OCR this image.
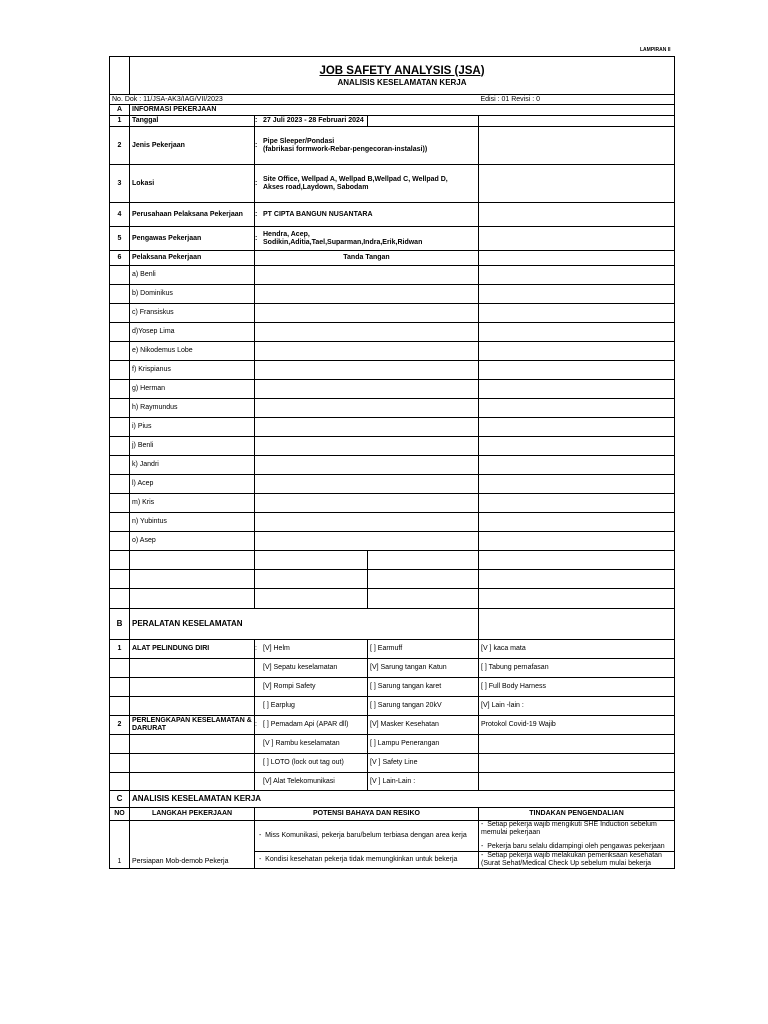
LAMPIRAN II

	JOB SAFETY ANALYSIS (JSA)
ANALISIS KESELAMATAN KERJA			

No. Dok : 11/JSA-AK3/IAG/VII/2023				Edisi : 01 Revisi : 0
A	INFORMASI PEKERJAAN			
1	Tanggal	: 27 Juli 2023 - 28 Februari 2024		
2	Jenis Pekerjaan	:
Pipe Sleeper/Pondasi
(fabrikasi formwork-Rebar-pengecoran-instalasi))		

3	Lokasi	:
Site Office, Wellpad A, Wellpad B,Wellpad C, Wellpad D,
Akses road,Laydown, Sabodam		

4	Perusahaan Pelaksana Pekerjaan	: PT CIPTA BANGUN NUSANTARA		
5	Pengawas Pekerjaan	:
Hendra, Acep,
Sodikin,Aditia,Tael,Suparman,Indra,Erik,Ridwan		

6	Pelaksana Pekerjaan	Tanda Tangan		
	a) Benli			
	b) Dominikus			
	c) Fransiskus			
	d)Yosep Lima			
	e) Nikodemus Lobe			
	f) Krispianus			
	g) Herman			
	h) Raymundus			
	i) Pius			
	j) Benli			
	k) Jandri			
	l) Acep			
	m) Kris			
	n) Yubintus			
	o) Asep			

B	PERALATAN KESELAMATAN			
1	ALAT PELINDUNG DIRI	: [V] Helm	[ ] Earmuff	[V ] kaca mata
		[V] Sepatu keselamatan	[V] Sarung tangan Katun	[ ] Tabung pernafasan
		[V] Rompi Safety	[ ] Sarung tangan karet	[ ] Full Body Harness
		[ ] Earplug	[ ] Sarung tangan 20kV	[V] Lain -lain :
2	PERLENGKAPAN KESELAMATAN & DARURAT	: [ ] Pemadam Api (APAR dll)	[V] Masker Kesehatan	Protokol Covid-19 Wajib
		[V ] Rambu keselamatan	[ ] Lampu Penerangan	
		[ ] LOTO (lock out tag out)	[V ] Safety Line	
		[V] Alat Telekomunikasi	[V ] Lain-Lain :	
C	ANALISIS KESELAMATAN KERJA			
NO	LANGKAH PEKERJAAN	POTENSI BAHAYA DAN RESIKO		TINDAKAN PENGENDALIAN
1	Persiapan Mob-demob Pekerja	-  Miss Komunikasi, pekerja baru/belum terbiasa dengan area kerja		-  Setiap pekerja wajib mengikuti SHE Induction sebelum memulai pekerjaan
-  Pekerja baru selalu didampingi oleh pengawas pekerjaan

		-  Kondisi kesehatan pekerja tidak memungkinkan untuk bekerja		-  Setiap pekerja wajib melakukan pemeriksaan kesehatan (Surat Sehat/Medical Check Up sebelum mulai bekerja
